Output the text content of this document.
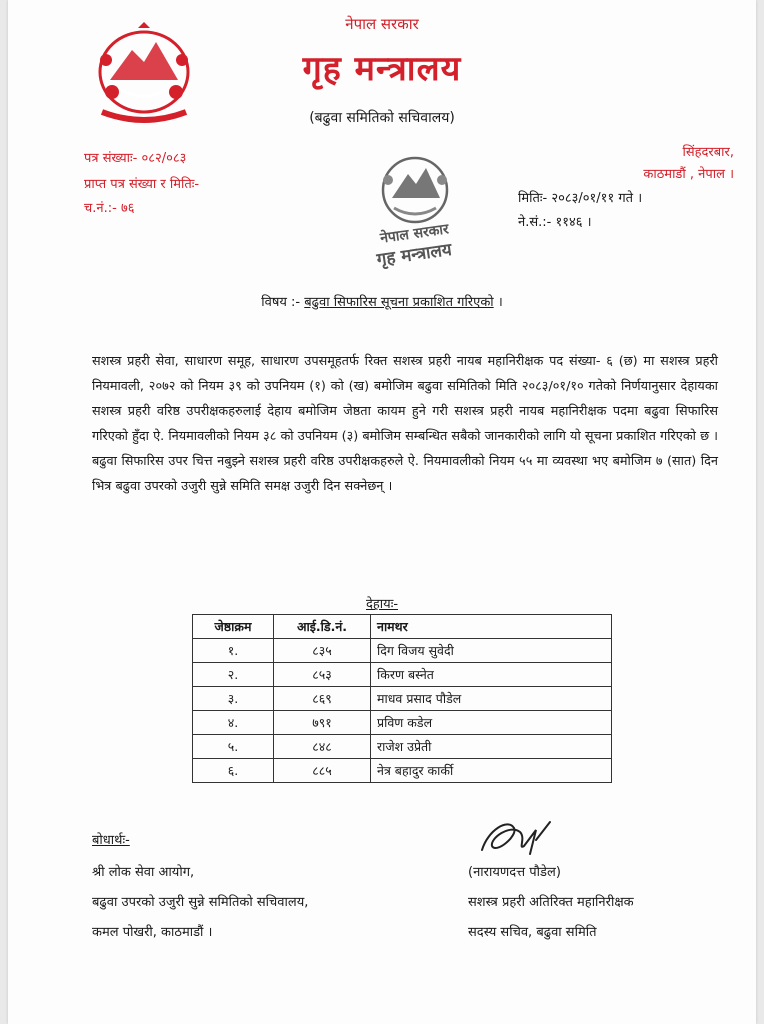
नेपाल सरकार
गृह मन्त्रालय
(बढुवा समितिको सचिवालय)
पत्र संख्याः- ०८२/०८३
प्राप्त पत्र संख्या र मितिः-
च.नं.:- ७६
नेपाल सरकार
गृह मन्त्रालय
सिंहदरबार,
काठमाडौं , नेपाल ।
मितिः- २०८३/०१/११ गते ।
ने.सं.:- ११४६ ।
विषय :- बढुवा सिफारिस सूचना प्रकाशित गरिएको ।
सशस्त्र प्रहरी सेवा, साधारण समूह, साधारण उपसमूहतर्फ रिक्त सशस्त्र प्रहरी नायब महानिरीक्षक पद संख्या- ६ (छ) मा सशस्त्र प्रहरी नियमावली, २०७२ को नियम ३९ को उपनियम (१) को (ख) बमोजिम बढुवा समितिको मिति २०८३/०१/१० गतेको निर्णयानुसार देहायका सशस्त्र प्रहरी वरिष्ठ उपरीक्षकहरुलाई देहाय बमोजिम जेष्ठता कायम हुने गरी सशस्त्र प्रहरी नायब महानिरीक्षक पदमा बढुवा सिफारिस गरिएको हुँदा ऐ. नियमावलीको नियम ३८ को उपनियम (३) बमोजिम सम्बन्धित सबैको जानकारीको लागि यो सूचना प्रकाशित गरिएको छ । बढुवा सिफारिस उपर चित्त नबुझ्ने सशस्त्र प्रहरी वरिष्ठ उपरीक्षकहरुले ऐ. नियमावलीको नियम ५५ मा व्यवस्था भए बमोजिम ७ (सात) दिन भित्र बढुवा उपरको उजुरी सुन्ने समिति समक्ष उजुरी दिन सक्नेछन् ।
देहायः-
जेष्ठाक्रम	आई.डि.नं.	नामथर
१.	८३५	दिग विजय सुवेदी
२.	८५३	किरण बस्नेत
३.	८६९	माधव प्रसाद पौडेल
४.	७९१	प्रविण कडेल
५.	८४८	राजेश उप्रेती
६.	८८५	नेत्र बहादुर कार्की
बोधार्थः-
श्री लोक सेवा आयोग,
बढुवा उपरको उजुरी सुन्ने समितिको सचिवालय,
कमल पोखरी, काठमाडौं ।
(नारायणदत्त पौडेल)
सशस्त्र प्रहरी अतिरिक्त महानिरीक्षक
सदस्य सचिव, बढुवा समिति
